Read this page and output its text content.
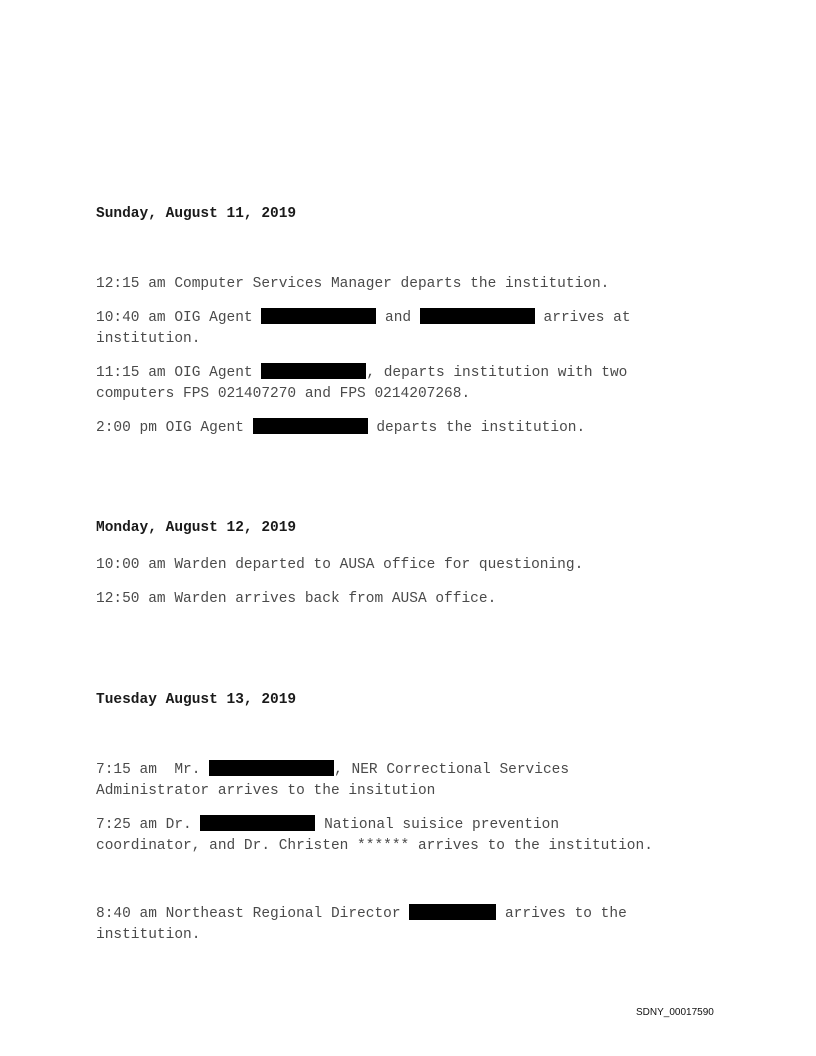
Sunday, August 11, 2019

12:15 am Computer Services Manager departs the institution.

10:40 am OIG Agent	and	arrives at
institution.

11:15 am OIG Agent	, departs institution with two
computers FPS 021407270 and FPS 0214207268.

2:00 pm OIG Agent	departs the institution.

Monday, August 12, 2019

10:00 am Warden departed to AUSA office for questioning.

12:50 am Warden arrives back from AUSA office.

Tuesday August 13, 2019

7:15 am  Mr.	, NER Correctional Services
Administrator arrives to the insitution

7:25 am Dr.	National suisice prevention
coordinator, and Dr. Christen ****** arrives to the institution.

8:40 am Northeast Regional Director	arrives to the
institution.

SDNY_00017590
